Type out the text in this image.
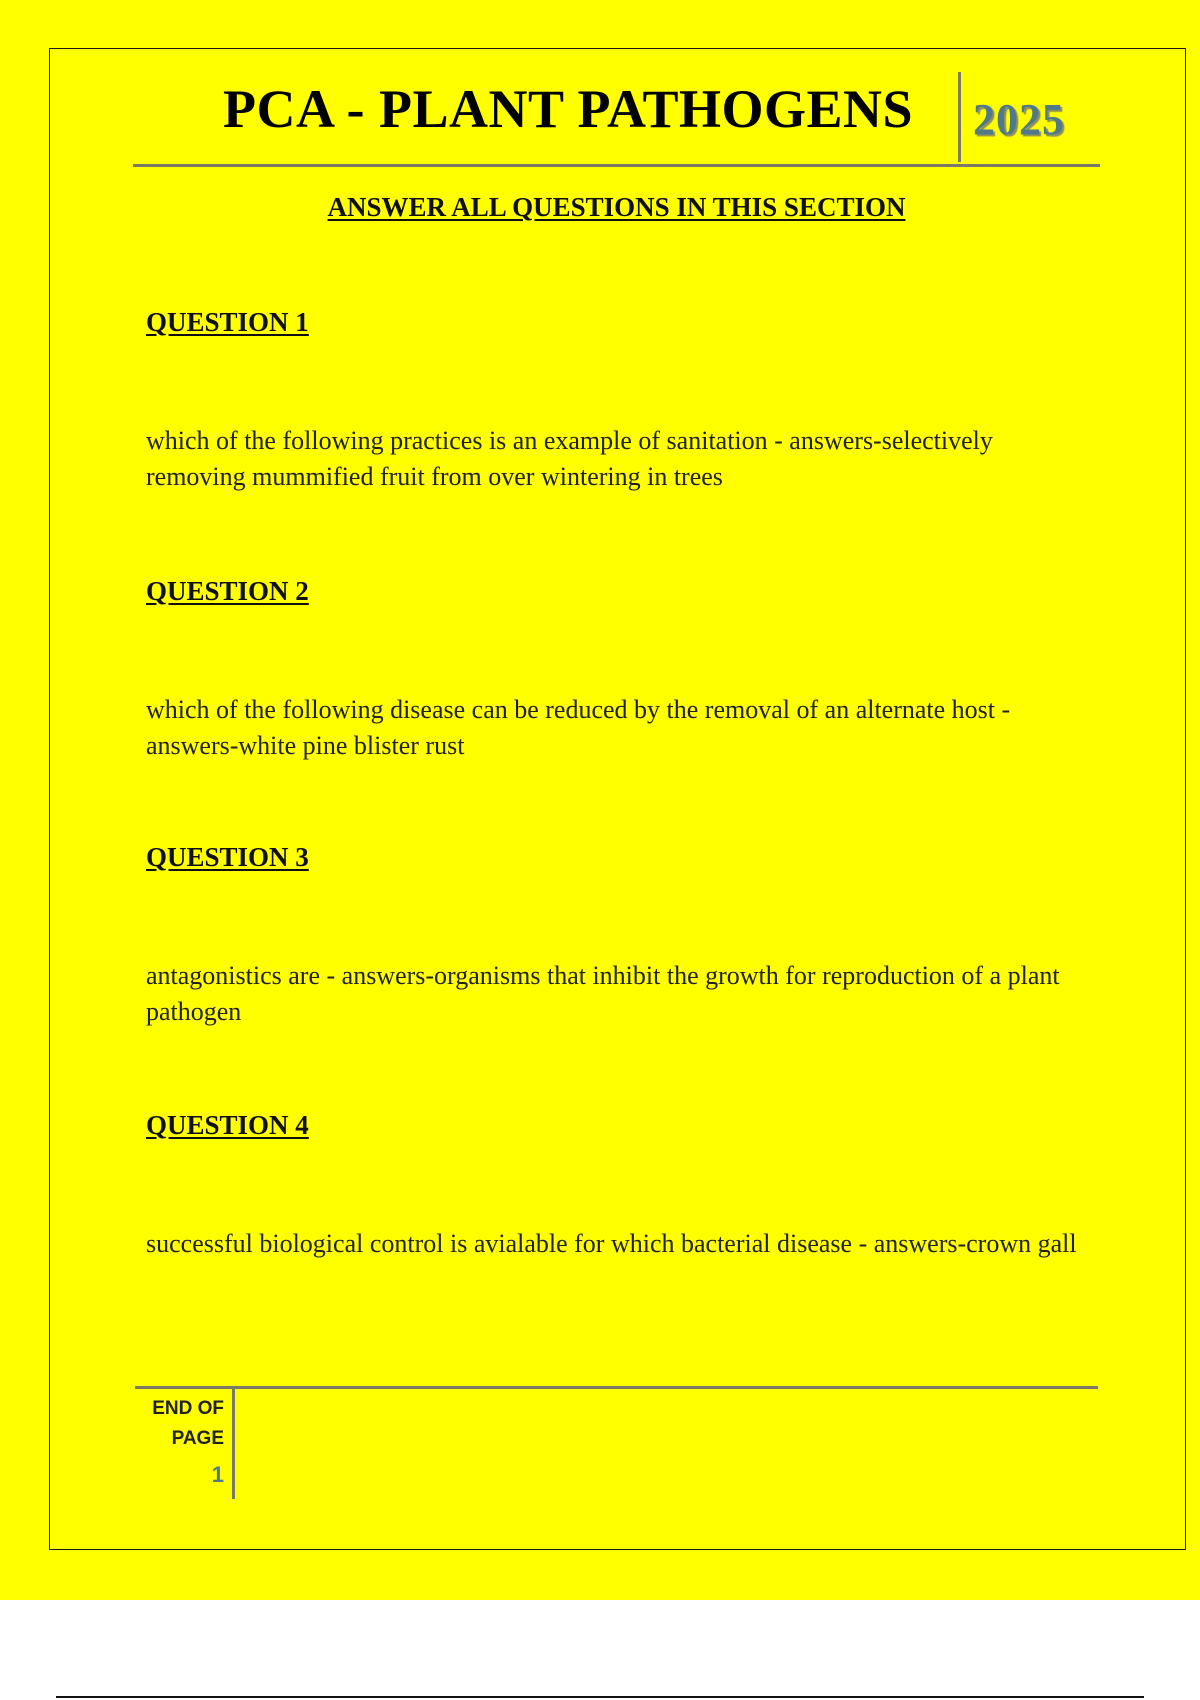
PCA - PLANT PATHOGENS 2025
ANSWER ALL QUESTIONS IN THIS SECTION
QUESTION 1
which of the following practices is an example of sanitation - answers-selectively removing mummified fruit from over wintering in trees
QUESTION 2
which of the following disease can be reduced by the removal of an alternate host - answers-white pine blister rust
QUESTION 3
antagonistics are - answers-organisms that inhibit the growth for reproduction of a plant pathogen
QUESTION 4
successful biological control is avialable for which bacterial disease - answers-crown gall
END OF PAGE
1
